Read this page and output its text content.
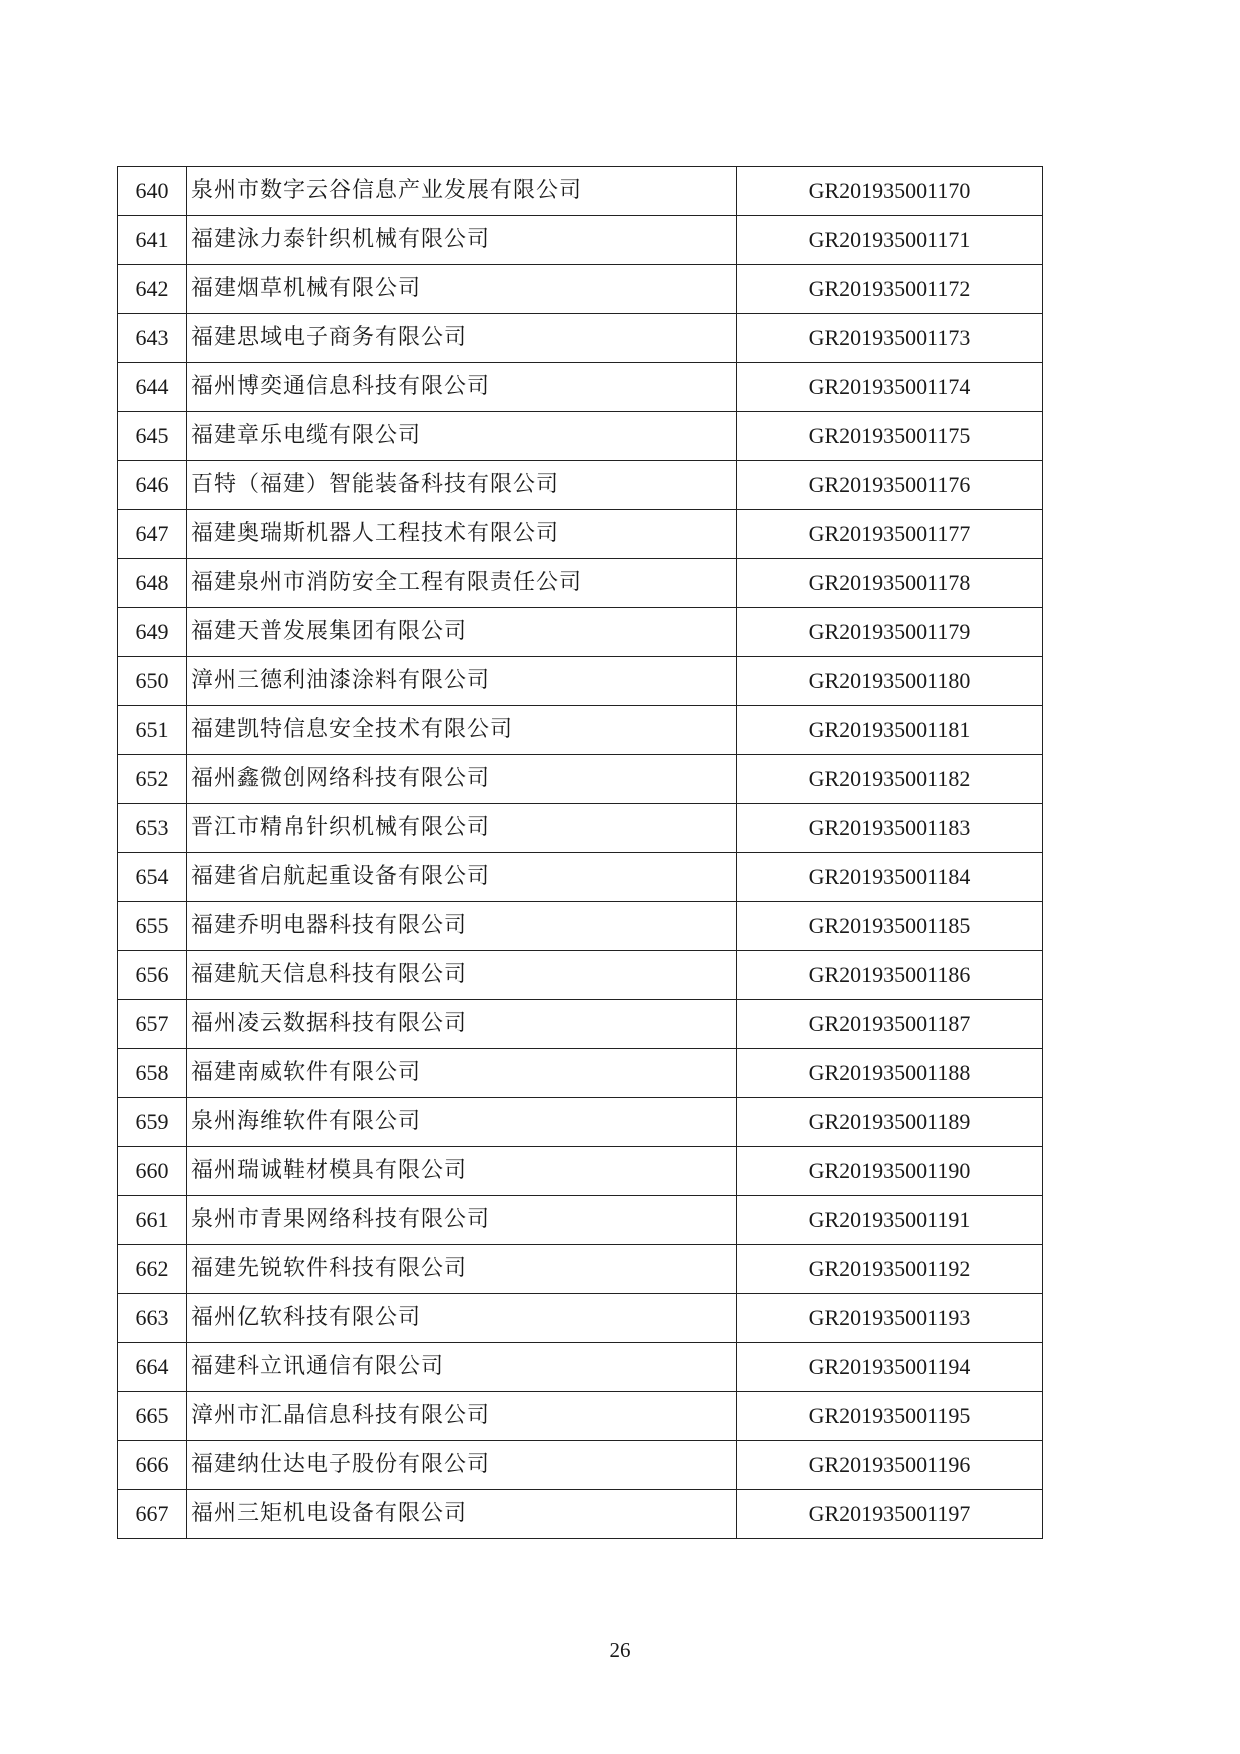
640	泉州市数字云谷信息产业发展有限公司	GR201935001170
641	福建泳力泰针织机械有限公司	GR201935001171
642	福建烟草机械有限公司	GR201935001172
643	福建思域电子商务有限公司	GR201935001173
644	福州博奕通信息科技有限公司	GR201935001174
645	福建章乐电缆有限公司	GR201935001175
646	百特（福建）智能装备科技有限公司	GR201935001176
647	福建奥瑞斯机器人工程技术有限公司	GR201935001177
648	福建泉州市消防安全工程有限责任公司	GR201935001178
649	福建天普发展集团有限公司	GR201935001179
650	漳州三德利油漆涂料有限公司	GR201935001180
651	福建凯特信息安全技术有限公司	GR201935001181
652	福州鑫微创网络科技有限公司	GR201935001182
653	晋江市精帛针织机械有限公司	GR201935001183
654	福建省启航起重设备有限公司	GR201935001184
655	福建乔明电器科技有限公司	GR201935001185
656	福建航天信息科技有限公司	GR201935001186
657	福州凌云数据科技有限公司	GR201935001187
658	福建南威软件有限公司	GR201935001188
659	泉州海维软件有限公司	GR201935001189
660	福州瑞诚鞋材模具有限公司	GR201935001190
661	泉州市青果网络科技有限公司	GR201935001191
662	福建先锐软件科技有限公司	GR201935001192
663	福州亿软科技有限公司	GR201935001193
664	福建科立讯通信有限公司	GR201935001194
665	漳州市汇晶信息科技有限公司	GR201935001195
666	福建纳仕达电子股份有限公司	GR201935001196
667	福州三矩机电设备有限公司	GR201935001197
26
